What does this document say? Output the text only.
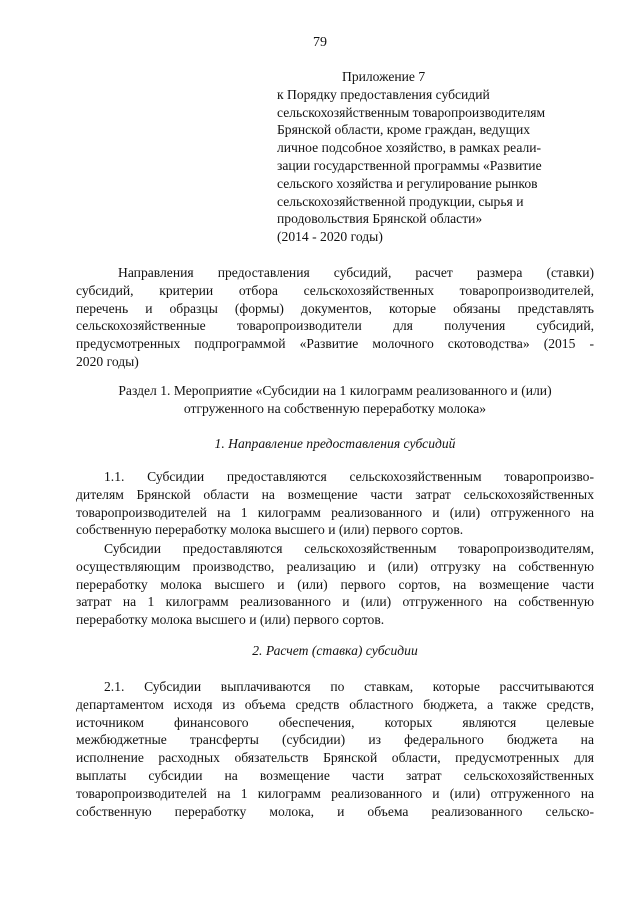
79
Приложение 7
к Порядку предоставления субсидий
сельскохозяйственным товаропроизводителям
Брянской области, кроме граждан, ведущих
личное подсобное хозяйство, в рамках реали-
зации государственной программы «Развитие
сельского хозяйства и регулирование рынков
сельскохозяйственной продукции, сырья и
продовольствия Брянской области»
(2014 - 2020 годы)
Направления предоставления субсидий, расчет размера (ставки)
субсидий, критерии отбора сельскохозяйственных товаропроизводителей,
перечень и образцы (формы) документов, которые обязаны представлять
сельскохозяйственные товаропроизводители для получения субсидий,
предусмотренных подпрограммой «Развитие молочного скотоводства» (2015 -
2020 годы)
Раздел 1. Мероприятие «Субсидии на 1 килограмм реализованного и (или)
отгруженного на собственную переработку молока»
1. Направление предоставления субсидий
1.1. Субсидии предоставляются сельскохозяйственным товаропроизво-
дителям Брянской области на возмещение части затрат сельскохозяйственных
товаропроизводителей на 1 килограмм реализованного и (или) отгруженного на
собственную переработку молока высшего и (или) первого сортов.
Субсидии предоставляются сельскохозяйственным товаропроизводителям,
осуществляющим производство, реализацию и (или) отгрузку на собственную
переработку молока высшего и (или) первого сортов, на возмещение части
затрат на 1 килограмм реализованного и (или) отгруженного на собственную
переработку молока высшего и (или) первого сортов.
2. Расчет (ставка) субсидии
2.1. Субсидии выплачиваются по ставкам, которые рассчитываются
департаментом исходя из объема средств областного бюджета, а также средств,
источником финансового обеспечения, которых являются целевые
межбюджетные трансферты (субсидии) из федерального бюджета на
исполнение расходных обязательств Брянской области, предусмотренных для
выплаты субсидии на возмещение части затрат сельскохозяйственных
товаропроизводителей на 1 килограмм реализованного и (или) отгруженного на
собственную переработку молока, и объема реализованного сельско-
